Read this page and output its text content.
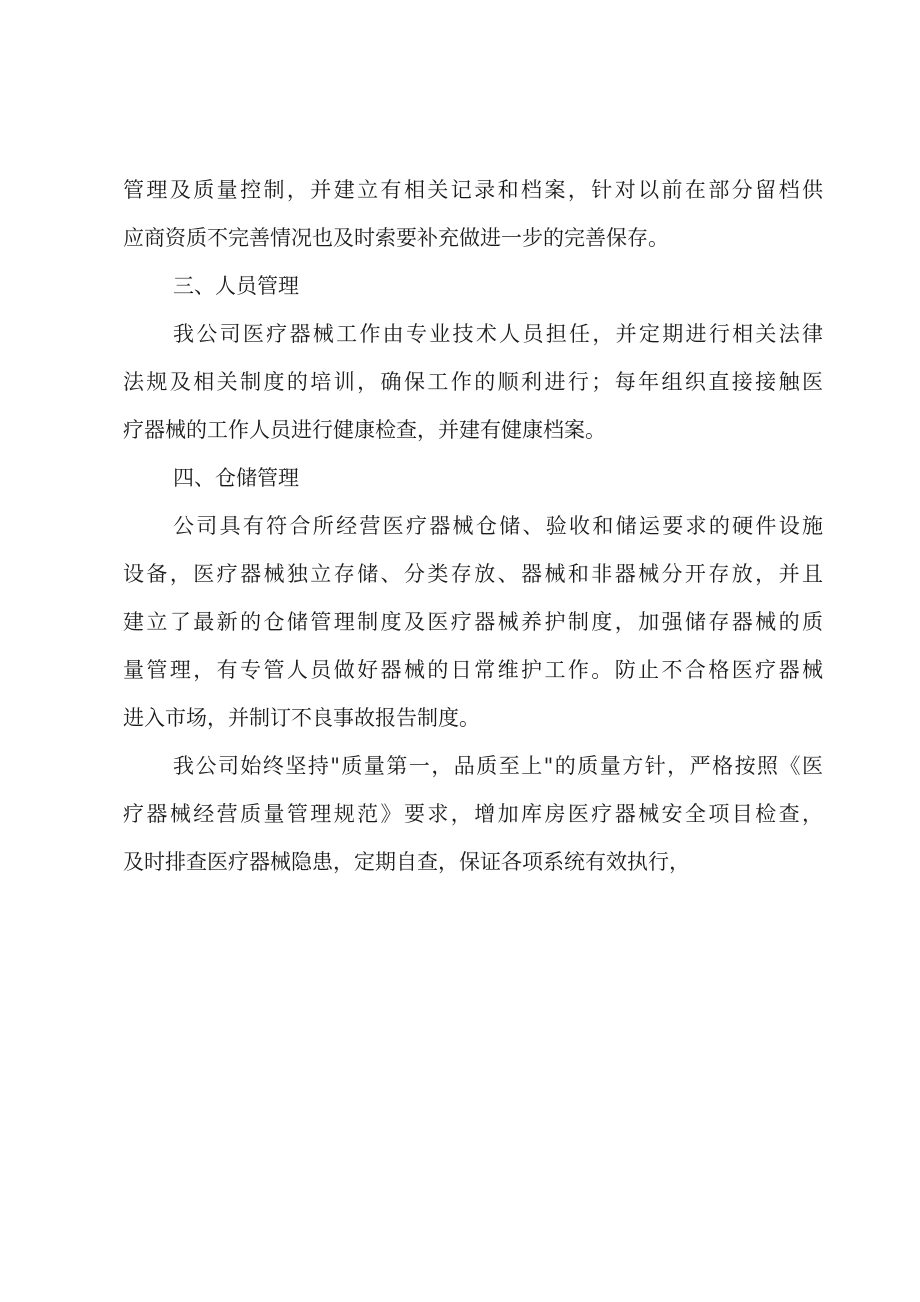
管理及质量控制，并建立有相关记录和档案，针对以前在部分留档供
应商资质不完善情况也及时索要补充做进一步的完善保存。
三、人员管理
我公司医疗器械工作由专业技术人员担任，并定期进行相关法律
法规及相关制度的培训，确保工作的顺利进行；每年组织直接接触医
疗器械的工作人员进行健康检查，并建有健康档案。
四、仓储管理
公司具有符合所经营医疗器械仓储、验收和储运要求的硬件设施
设备，医疗器械独立存储、分类存放、器械和非器械分开存放，并且
建立了最新的仓储管理制度及医疗器械养护制度，加强储存器械的质
量管理，有专管人员做好器械的日常维护工作。防止不合格医疗器械
进入市场，并制订不良事故报告制度。
我公司始终坚持"质量第一，品质至上"的质量方针，严格按照《医
疗器械经营质量管理规范》要求，增加库房医疗器械安全项目检查，
及时排查医疗器械隐患，定期自查，保证各项系统有效执行，
